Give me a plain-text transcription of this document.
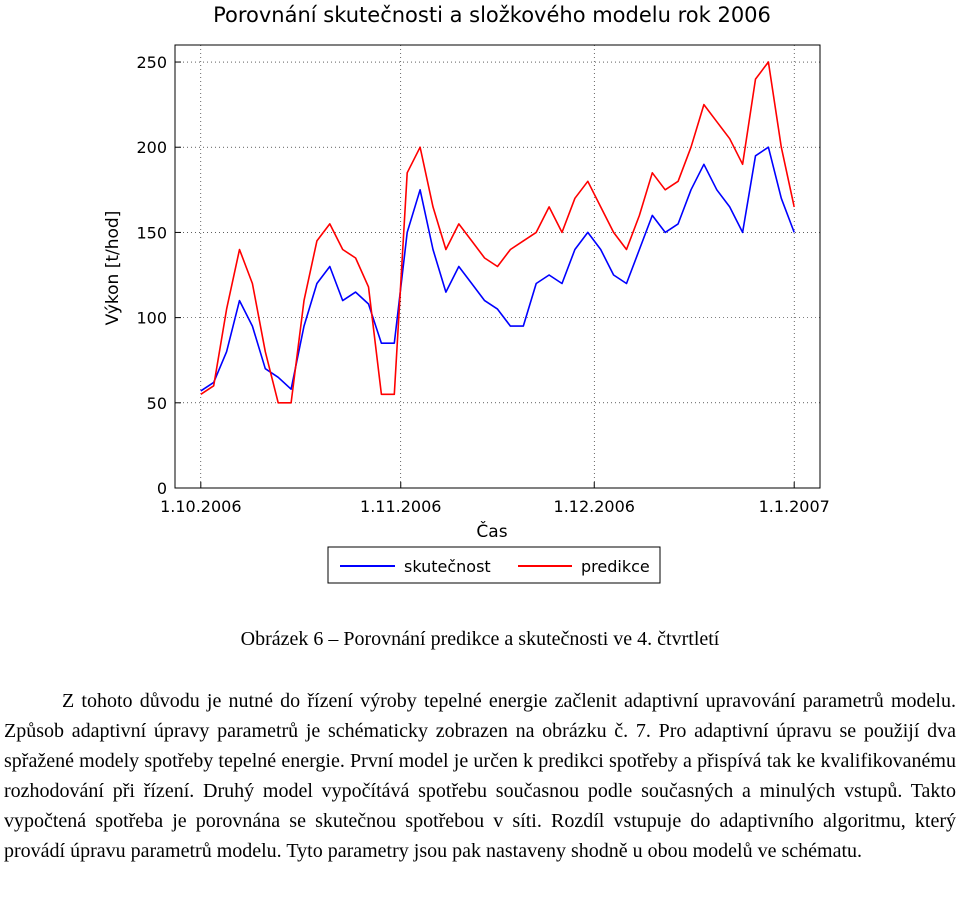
Porovnání skutečnosti a složkového modelu rok 2006
0
50
100
150
200
250
1.10.2006	1.11.2006	1.12.2006	1.1.2007
Čas
Výkon [t/hod]
skutečnost	predikce
Obrázek 6 – Porovnání predikce a skutečnosti ve 4. čtvrtletí

Z tohoto důvodu je nutné do řízení výroby tepelné energie začlenit adaptivní upravování parametrů modelu. Způsob adaptivní úpravy parametrů je schématicky zobrazen na obrázku č. 7. Pro adaptivní úpravu se použijí dva spřažené modely spotřeby tepelné energie. První model je určen k predikci spotřeby a přispívá tak ke kvalifikovanému rozhodování při řízení. Druhý model vypočítává spotřebu současnou podle současných a minulých vstupů. Takto vypočtená spotřeba je porovnána se skutečnou spotřebou v síti. Rozdíl vstupuje do adaptivního algoritmu, který provádí úpravu parametrů modelu. Tyto parametry jsou pak nastaveny shodně u obou modelů ve schématu.
